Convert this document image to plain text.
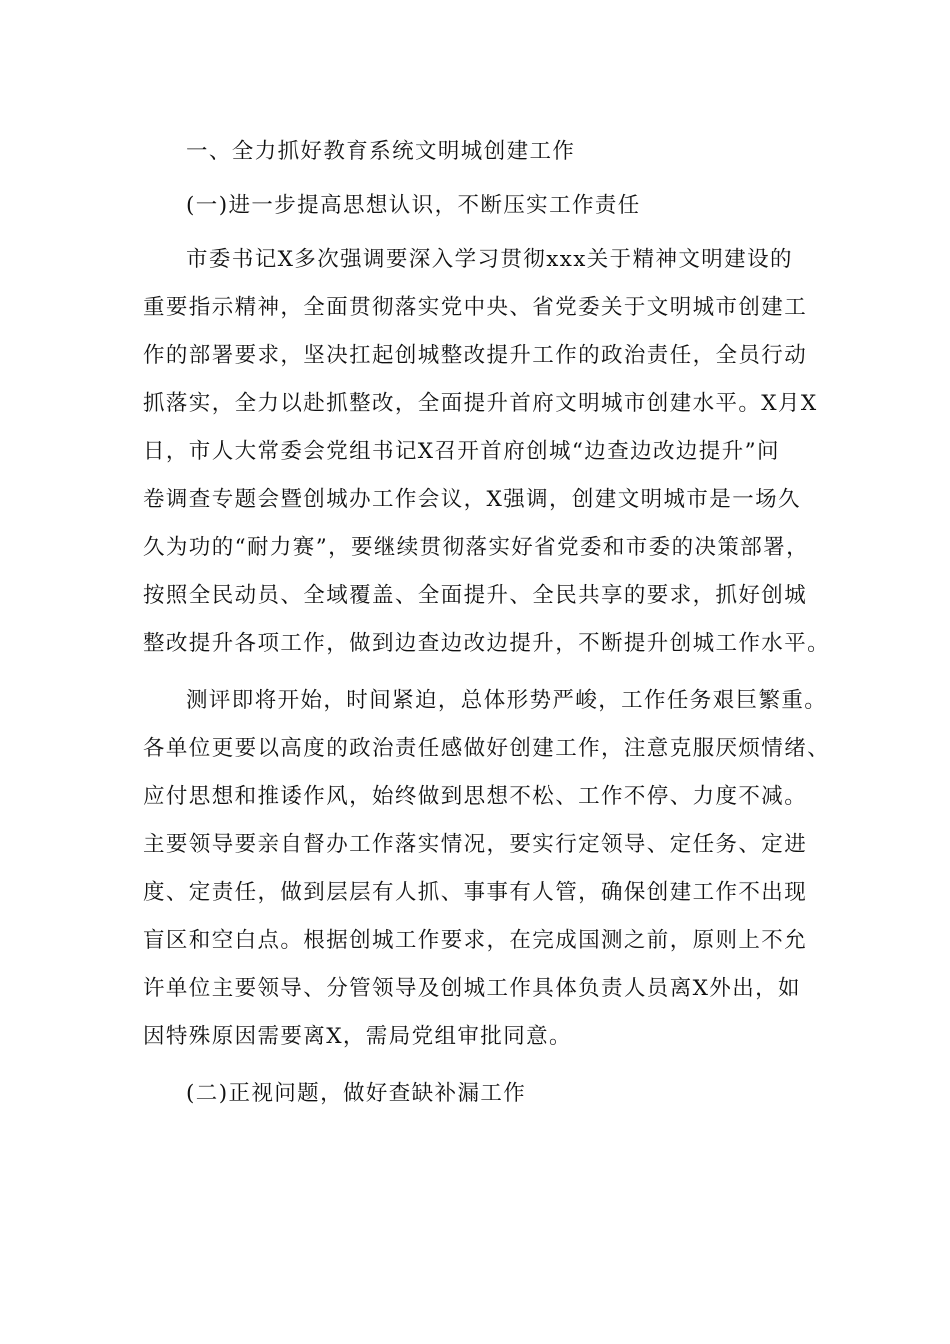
一、全力抓好教育系统文明城创建工作

(一)进一步提高思想认识，不断压实工作责任

市委书记X多次强调要深入学习贯彻xxx关于精神文明建设的
重要指示精神，全面贯彻落实党中央、省党委关于文明城市创建工
作的部署要求，坚决扛起创城整改提升工作的政治责任，全员行动
抓落实，全力以赴抓整改，全面提升首府文明城市创建水平。X月X
日，市人大常委会党组书记X召开首府创城“边查边改边提升”问
卷调查专题会暨创城办工作会议，X强调，创建文明城市是一场久
久为功的“耐力赛”，要继续贯彻落实好省党委和市委的决策部署，
按照全民动员、全域覆盖、全面提升、全民共享的要求，抓好创城
整改提升各项工作，做到边查边改边提升，不断提升创城工作水平。
测评即将开始，时间紧迫，总体形势严峻，工作任务艰巨繁重。
各单位更要以高度的政治责任感做好创建工作，注意克服厌烦情绪、
应付思想和推诿作风，始终做到思想不松、工作不停、力度不减。
主要领导要亲自督办工作落实情况，要实行定领导、定任务、定进
度、定责任，做到层层有人抓、事事有人管，确保创建工作不出现
盲区和空白点。根据创城工作要求，在完成国测之前，原则上不允
许单位主要领导、分管领导及创城工作具体负责人员离X外出，如
因特殊原因需要离X，需局党组审批同意。

(二)正视问题，做好查缺补漏工作
